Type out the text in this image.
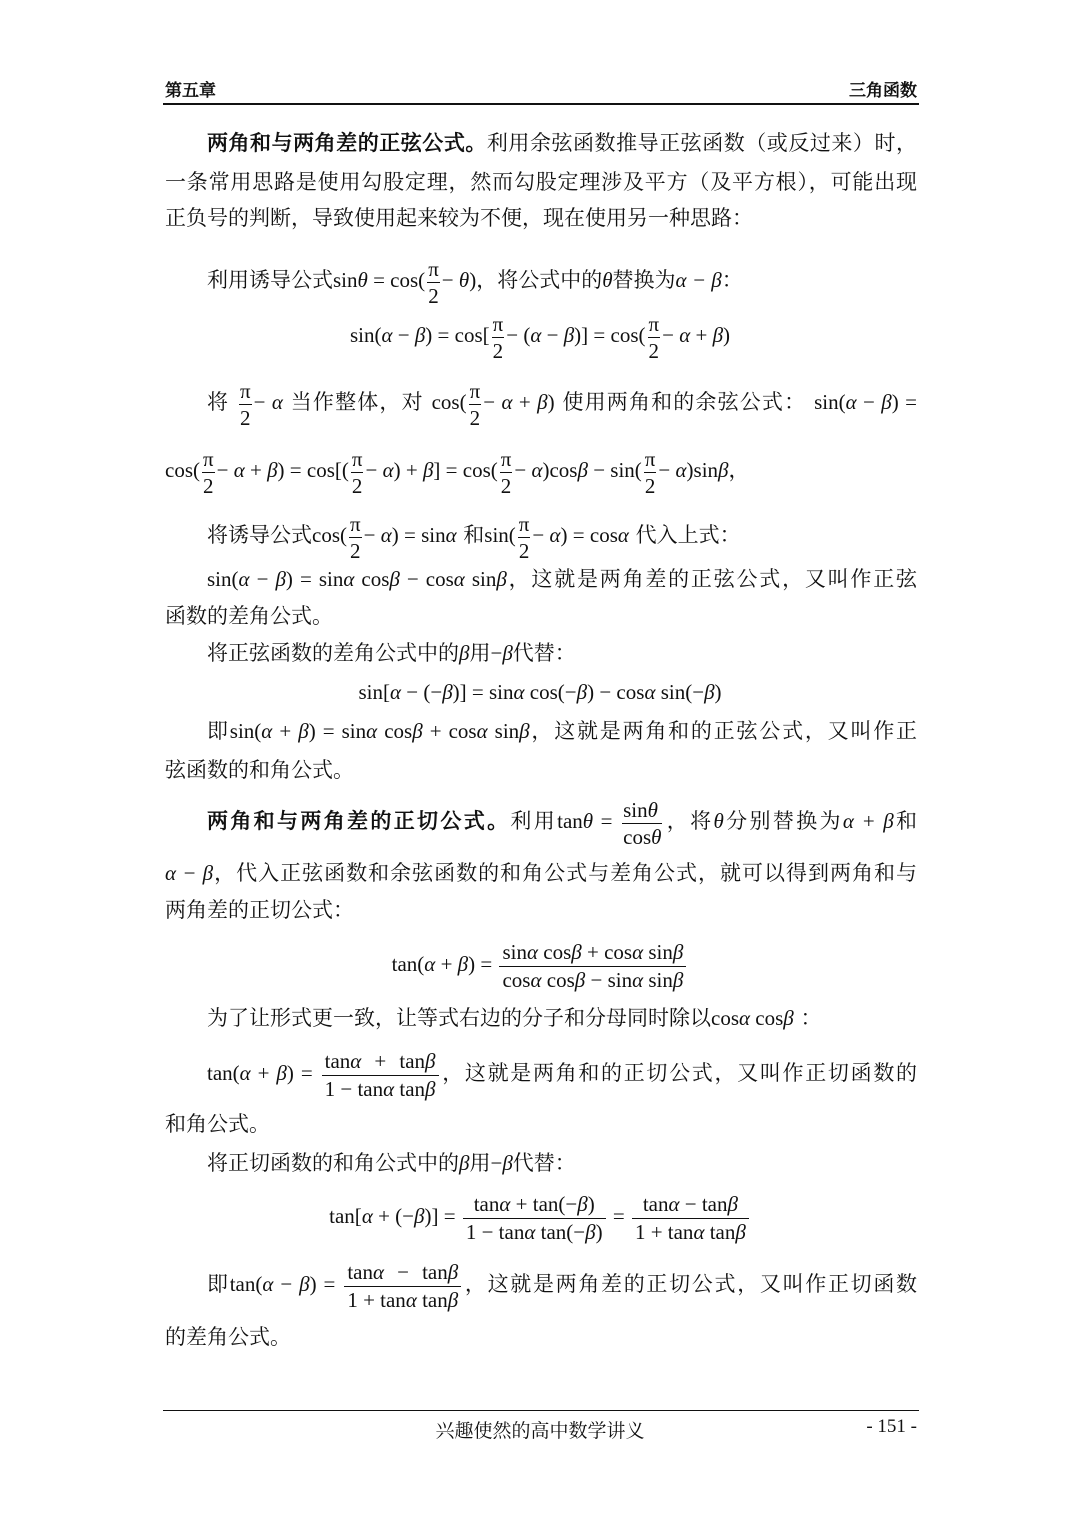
第五章	三角函数
两角和与两角差的正弦公式。利用余弦函数推导正弦函数（或反过来）时，
一条常用思路是使用勾股定理，然而勾股定理涉及平方（及平方根），可能出现
正负号的判断，导致使用起来较为不便，现在使用另一种思路：
利用诱导公式$\sin\theta = \cos( \frac{\pi}{2} - \theta)$，将公式中的θ替换为α − β：
$\sin(\alpha - \beta) = \cos[ \frac{\pi}{2} - (\alpha - \beta)] = \cos( \frac{\pi}{2} - \alpha + \beta)$
将 $\frac{\pi}{2} - \alpha$ 当作整体，对 $\cos( \frac{\pi}{2} - \alpha + \beta)$ 使用两角和的余弦公式： sin(α − β) =
$\cos( \frac{\pi}{2} - \alpha + \beta) = \cos[( \frac{\pi}{2} - \alpha) + \beta] = \cos( \frac{\pi}{2} - \alpha)\cos\beta - \sin( \frac{\pi}{2} - \alpha)\sin\beta$，
将诱导公式$\cos( \frac{\pi}{2} - \alpha) = \sin\alpha$ 和$\sin( \frac{\pi}{2} - \alpha) = \cos\alpha$ 代入上式：
sin(α − β) = sinα cosβ − cosα sinβ，这就是两角差的正弦公式，又叫作正弦
函数的差角公式。
将正弦函数的差角公式中的β用−β代替：
sin[α − (−β)] = sinα cos(−β) − cosα sin(−β)
即sin(α + β) = sinα cosβ + cosα sinβ，这就是两角和的正弦公式，又叫作正
弦函数的和角公式。
两角和与两角差的正切公式。利用$\tan\theta = \frac{\sin\theta}{\cos\theta}$ ，将θ分别替换为α + β和
α − β，代入正弦函数和余弦函数的和角公式与差角公式，就可以得到两角和与
两角差的正切公式：
$\tan(\alpha + \beta) = \frac{\text{sinα cosβ + cosα sinβ}}{\text{cosα cosβ − sinα sinβ}}$
为了让形式更一致，让等式右边的分子和分母同时除以cosα cosβ ：
$\tan(\alpha + \beta) = \frac{\tan\alpha + \tan\beta}{\text{1 − tanα tanβ}}$ ，这就是两角和的正切公式，又叫作正切函数的
和角公式。
将正切函数的和角公式中的β用−β代替：
$\tan[\alpha + (-\beta)] = \frac{\tan\alpha + \tan(-\beta)}{\text{1 − tanα tan(−β)}} = \frac{\tan\alpha - \tan\beta}{\text{1 + tanα tanβ}}$
即$\tan(\alpha - \beta) = \frac{\tan\alpha - \tan\beta}{\text{1 + tanα tanβ}}$ ，这就是两角差的正切公式，又叫作正切函数
的差角公式。
兴趣使然的高中数学讲义	- 151 -
